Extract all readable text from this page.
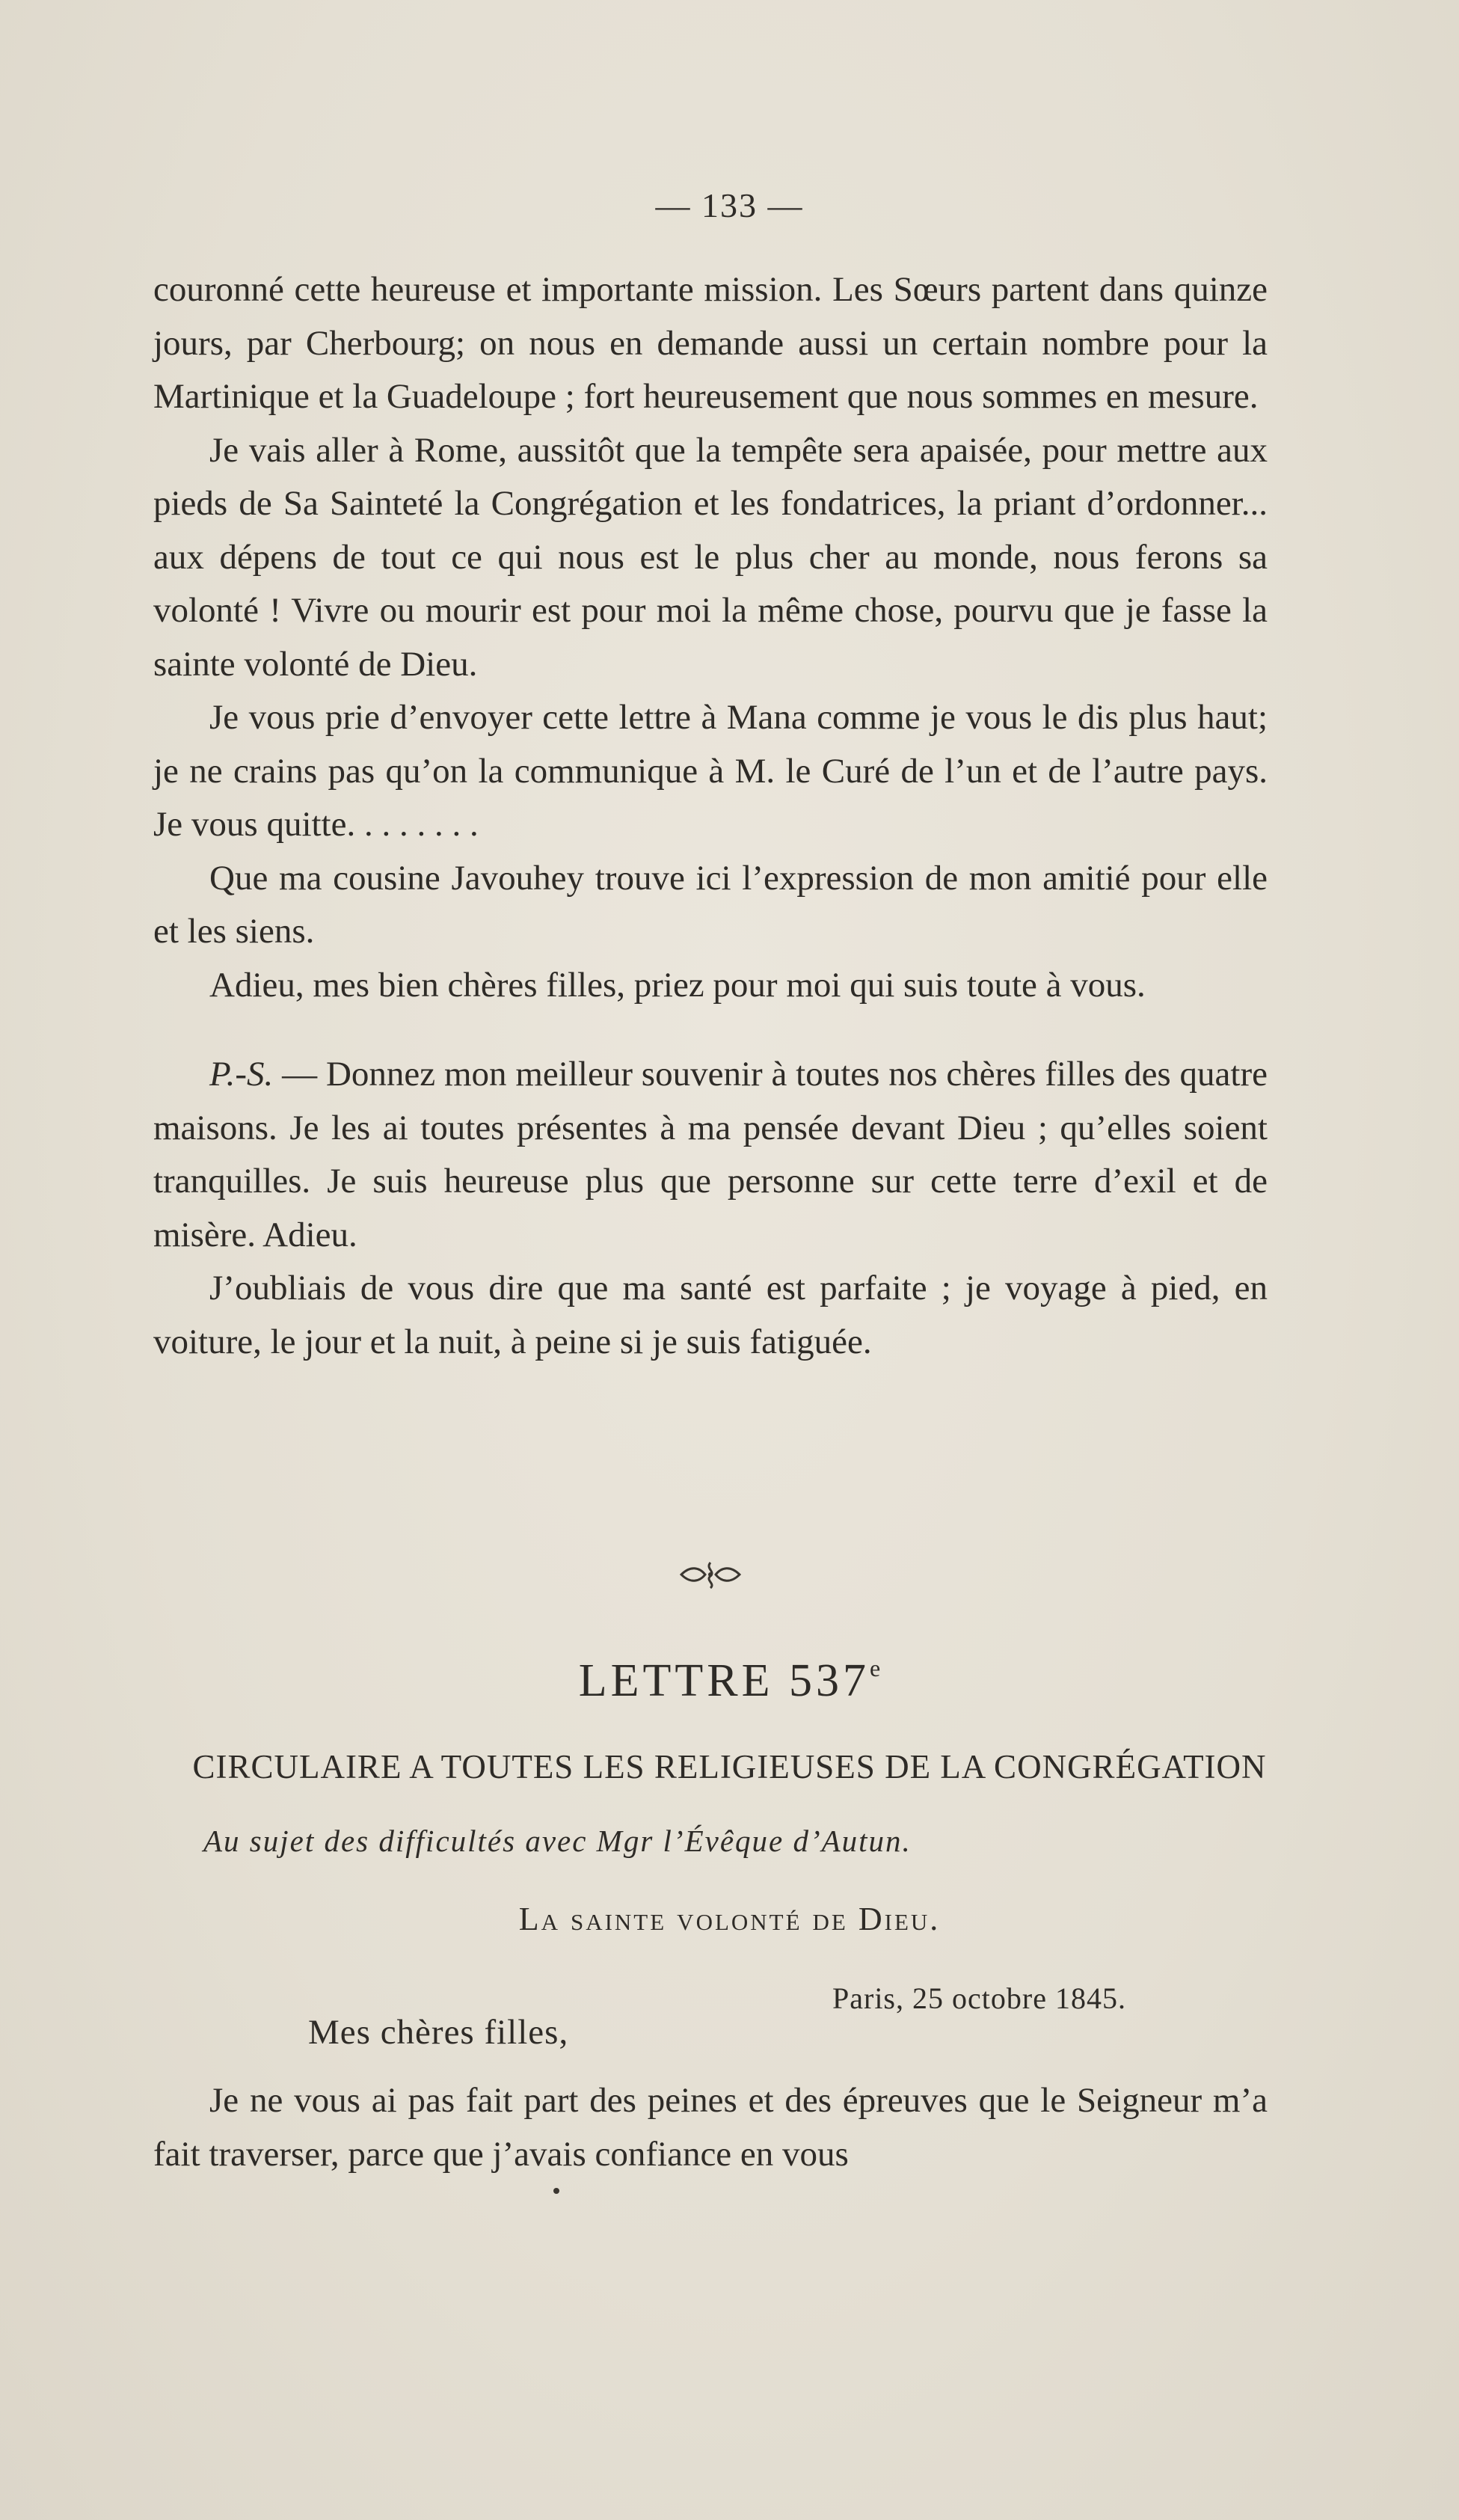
— 133 —

couronné cette heureuse et importante mission. Les Sœurs partent dans quinze jours, par Cherbourg; on nous en demande aussi un certain nombre pour la Martinique et la Guadeloupe ; fort heureusement que nous sommes en mesure.

Je vais aller à Rome, aussitôt que la tempête sera apaisée, pour mettre aux pieds de Sa Sainteté la Congrégation et les fondatrices, la priant d’ordonner... aux dépens de tout ce qui nous est le plus cher au monde, nous ferons sa volonté ! Vivre ou mourir est pour moi la même chose, pourvu que je fasse la sainte volonté de Dieu.

Je vous prie d’envoyer cette lettre à Mana comme je vous le dis plus haut; je ne crains pas qu’on la communique à M. le Curé de l’un et de l’autre pays. Je vous quitte. . . . . . . .

Que ma cousine Javouhey trouve ici l’expression de mon amitié pour elle et les siens.

Adieu, mes bien chères filles, priez pour moi qui suis toute à vous.

P.-S. — Donnez mon meilleur souvenir à toutes nos chères filles des quatre maisons. Je les ai toutes présentes à ma pensée devant Dieu ; qu’elles soient tranquilles. Je suis heureuse plus que personne sur cette terre d’exil et de misère. Adieu.

J’oubliais de vous dire que ma santé est parfaite ; je voyage à pied, en voiture, le jour et la nuit, à peine si je suis fatiguée.

LETTRE 537e
CIRCULAIRE A TOUTES LES RELIGIEUSES DE LA CONGRÉGATION
Au sujet des difficultés avec Mgr l’Évêque d’Autun.
La sainte volonté de Dieu.
Paris, 25 octobre 1845.
Mes chères filles,

Je ne vous ai pas fait part des peines et des épreuves que le Seigneur m’a fait traverser, parce que j’avais confiance en vous
